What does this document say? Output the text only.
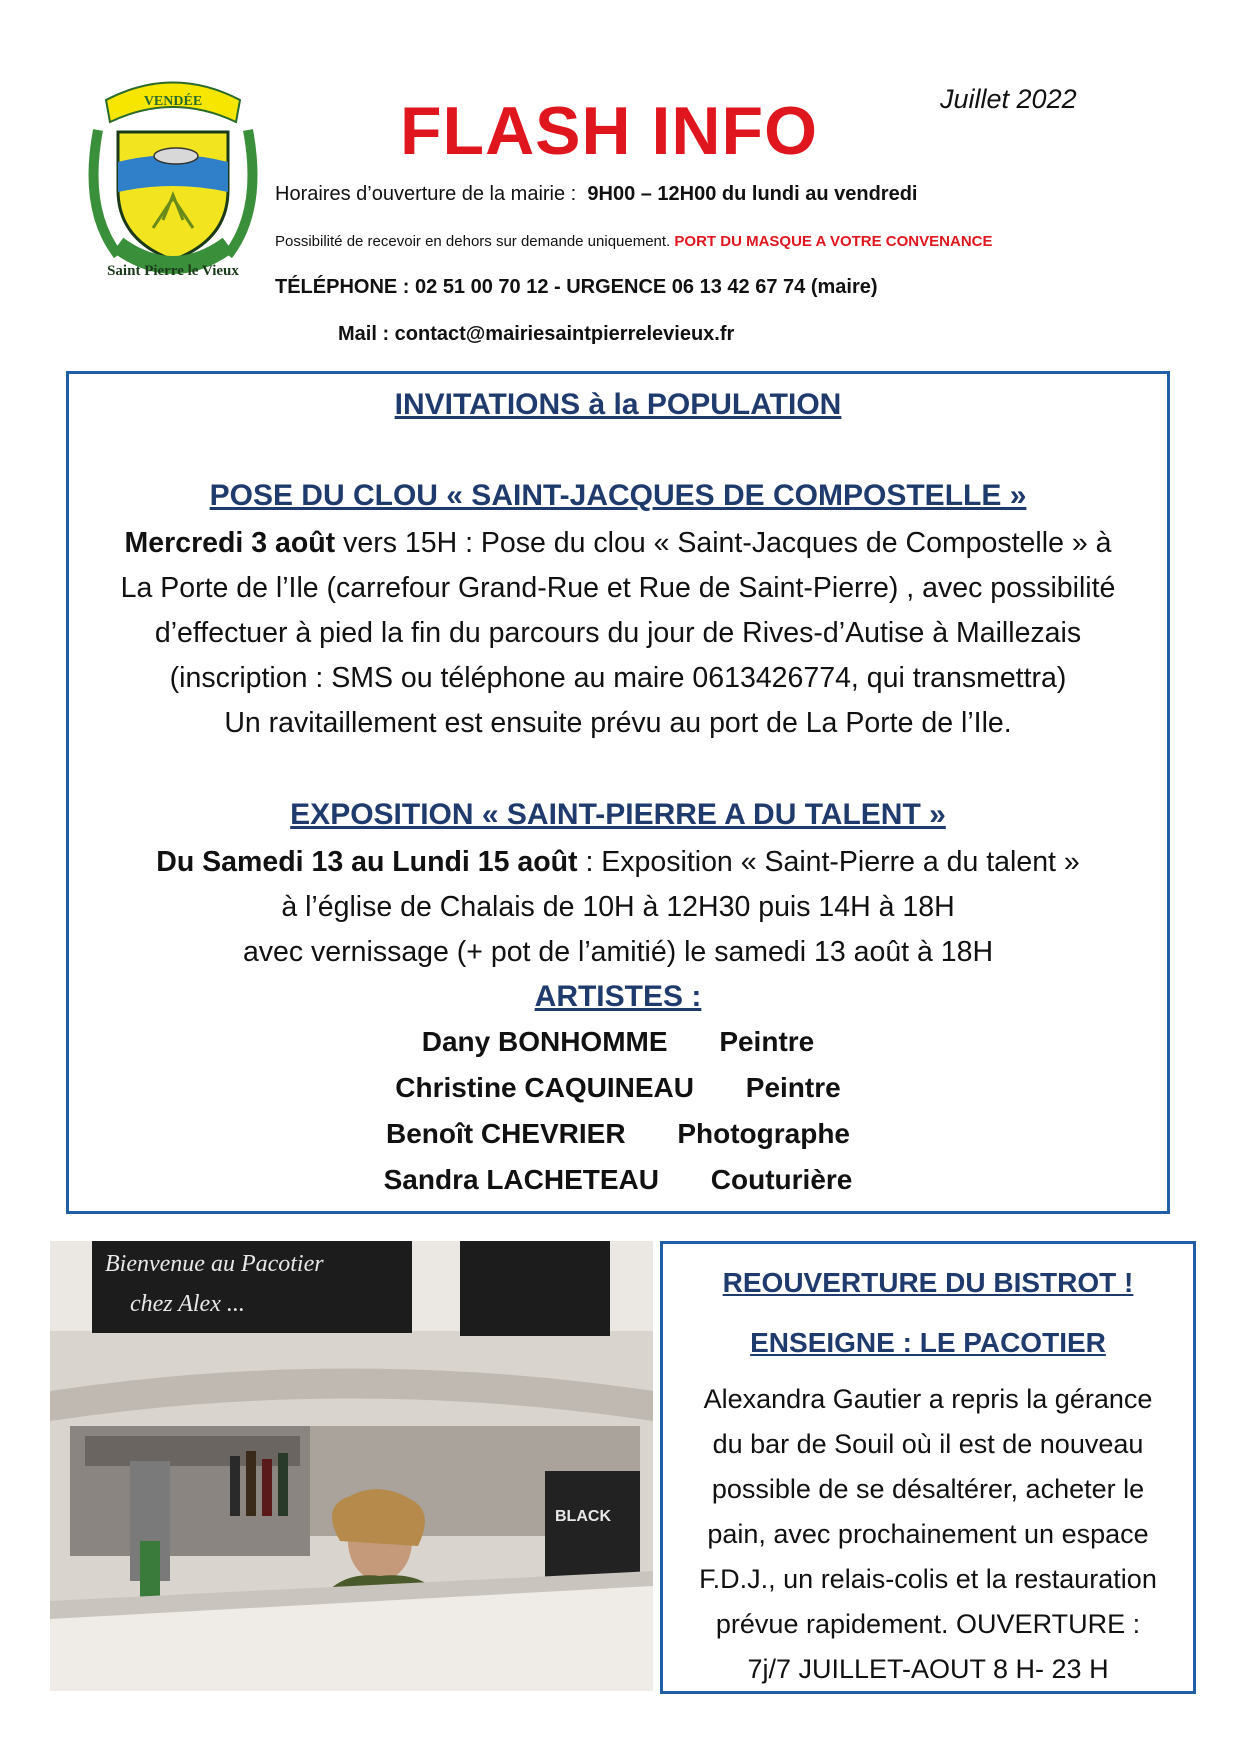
VENDÉE
Saint Pierre le Vieux
Juillet 2022
FLASH INFO
Horaires d’ouverture de la mairie : 9H00 – 12H00 du lundi au vendredi
Possibilité de recevoir en dehors sur demande uniquement. PORT DU MASQUE A VOTRE CONVENANCE
TÉLÉPHONE : 02 51 00 70 12 - URGENCE 06 13 42 67 74 (maire)
Mail : contact@mairiesaintpierrelevieux.fr
INVITATIONS à la POPULATION
POSE DU CLOU « SAINT-JACQUES DE COMPOSTELLE »
Mercredi 3 août vers 15H : Pose du clou « Saint-Jacques de Compostelle » à
La Porte de l’Ile (carrefour Grand-Rue et Rue de Saint-Pierre) , avec possibilité
d’effectuer à pied la fin du parcours du jour de Rives-d’Autise à Maillezais
(inscription : SMS ou téléphone au maire 0613426774, qui transmettra)
Un ravitaillement est ensuite prévu au port de La Porte de l’Ile.
EXPOSITION « SAINT-PIERRE A DU TALENT »
Du Samedi 13 au Lundi 15 août : Exposition « Saint-Pierre a du talent »
à l’église de Chalais de 10H à 12H30 puis 14H à 18H
avec vernissage (+ pot de l’amitié) le samedi 13 août à 18H
ARTISTES :
Dany BONHOMME Peintre
Christine CAQUINEAU Peintre
Benoît CHEVRIER Photographe
Sandra LACHETEAU Couturière
Bienvenue au Pacotier
chez Alex ...
BLACK
REOUVERTURE DU BISTROT !
ENSEIGNE : LE PACOTIER
Alexandra Gautier a repris la gérance
du bar de Souil où il est de nouveau
possible de se désaltérer, acheter le
pain, avec prochainement un espace
F.D.J., un relais-colis et la restauration
prévue rapidement. OUVERTURE :
7j/7 JUILLET-AOUT 8 H- 23 H
